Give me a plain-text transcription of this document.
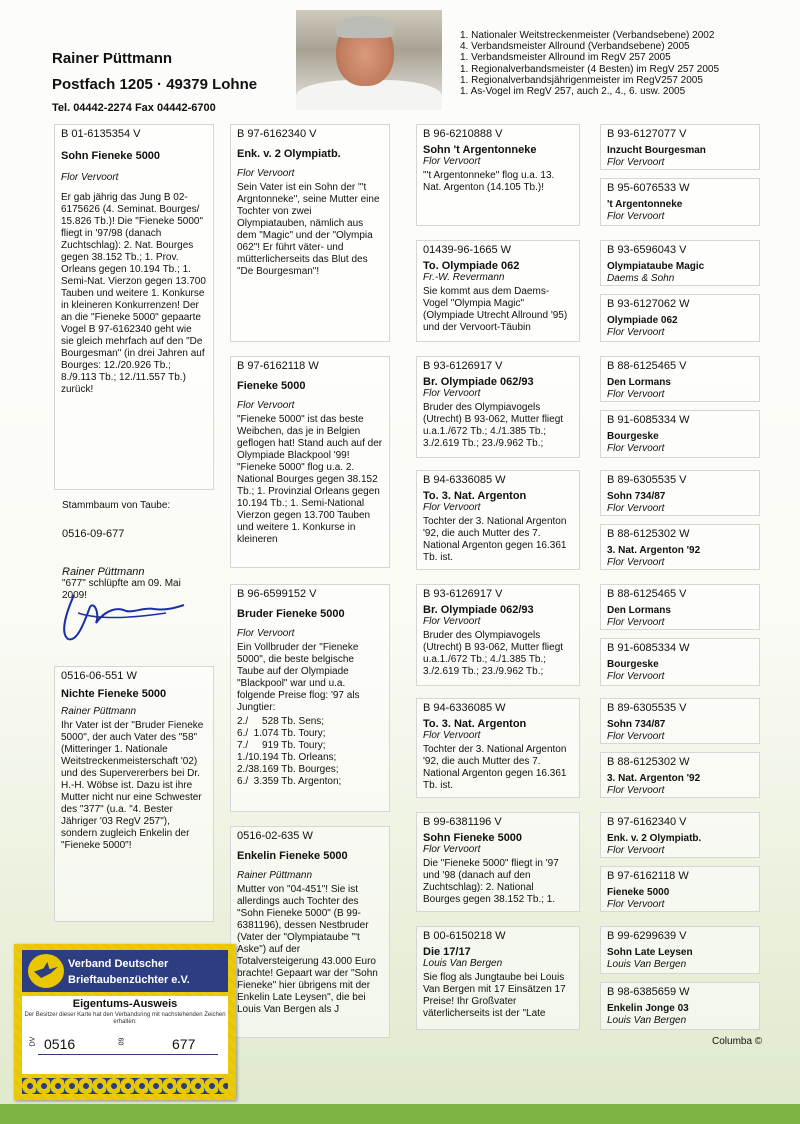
Rainer Püttmann
Postfach 1205 · 49379 Lohne
Tel. 04442-2274 Fax 04442-6700
1. Nationaler Weitstreckenmeister (Verbandsebene) 2002
4. Verbandsmeister Allround (Verbandsebene) 2005
1. Verbandsmeister Allround im RegV 257 2005
1. Regionalverbandsmeister (4 Besten) im RegV 257 2005
1. Regionalverbandsjährigenmeister im RegV257 2005
1. As-Vogel im RegV 257, auch 2., 4., 6. usw. 2005
B 01-6135354 V
Sohn Fieneke 5000
Flor Vervoort
Er gab jährig das Jung B 02-6175626 (4. Seminat. Bourges/ 15.826 Tb.)! Die "Fieneke 5000" fliegt in '97/98 (danach Zuchtschlag): 2. Nat. Bourges gegen 38.152 Tb.; 1. Prov. Orleans gegen 10.194 Tb.; 1. Semi-Nat. Vierzon gegen 13.700 Tauben und weitere 1. Konkurse in kleineren Konkurrenzen! Der an die "Fieneke 5000" gepaarte Vogel B 97-6162340 geht wie sie gleich mehrfach auf den "De Bourgesman" (in drei Jahren auf Bourges: 12./20.926 Tb.; 8./9.113 Tb.; 12./11.557 Tb.) zurück!
0516-06-551 W
Nichte Fieneke 5000
Rainer Püttmann
Ihr Vater ist der "Bruder Fieneke 5000", der auch Vater des "58" (Mitteringer 1. Nationale Weitstreckenmeisterschaft '02) und des Supervererbers bei Dr. H.-H. Wöbse ist. Dazu ist ihre Mutter nicht nur eine Schwester des "377" (u.a. "4. Bester Jähriger '03 RegV 257"), sondern zugleich Enkelin der "Fieneke 5000"!
Stammbaum von Taube:
0516-09-677
Rainer Püttmann
"677" schlüpfte am 09. Mai 2009!
B 97-6162340 V
Enk. v. 2 Olympiatb.
Flor Vervoort
Sein Vater ist ein Sohn der "'t Argntonneke", seine Mutter eine Tochter von zwei Olympiatauben, nämlich aus dem "Magic" und der "Olympia 062"! Er führt väter- und mütterlicherseits das Blut des "De Bourgesman"!
B 97-6162118 W
Fieneke 5000
Flor Vervoort
"Fieneke 5000" ist das beste Weibchen, das je in Belgien geflogen hat! Stand auch auf der Olympiade Blackpool '99! "Fieneke 5000" flog u.a. 2. National Bourges gegen 38.152 Tb.; 1. Provinzial Orleans gegen 10.194 Tb.; 1. Semi-National Vierzon gegen 13.700 Tauben und weitere 1. Konkurse in kleineren
B 96-6599152 V
Bruder Fieneke 5000
Flor Vervoort
Ein Vollbruder der "Fieneke 5000", die beste belgische Taube auf der Olympiade "Blackpool" war und u.a. folgende Preise flog: '97 als Jungtier:
2./     528 Tb. Sens;
6./  1.074 Tb. Toury;
7./     919 Tb. Toury;
1./10.194 Tb. Orleans;
2./38.169 Tb. Bourges;
6./  3.359 Tb. Argenton;
0516-02-635 W
Enkelin Fieneke 5000
Rainer Püttmann
Mutter von "04-451"! Sie ist allerdings auch Tochter des "Sohn Fieneke 5000" (B 99-6381196), dessen Nestbruder (Vater der "Olympiataube "'t Aske") auf der Totalversteigerung 43.000 Euro brachte! Gepaart war der "Sohn Fieneke" hier übrigens mit der Enkelin Late Leysen", die bei Louis Van Bergen als J
B 96-6210888 V
Sohn 't Argentonneke
Flor Vervoort
"'t Argentonneke" flog u.a. 13. Nat. Argenton (14.105 Tb.)!
01439-96-1665 W
To. Olympiade 062
Fr.-W. Revermann
Sie kommt aus dem Daems-Vogel "Olympia Magic" (Olympiade Utrecht Allround '95) und der Vervoort-Täubin
B 93-6126917 V
Br. Olympiade 062/93
Flor Vervoort
Bruder des Olympiavogels (Utrecht) B 93-062, Mutter fliegt u.a.1./672 Tb.; 4./1.385 Tb.; 3./2.619 Tb.; 23./9.962 Tb.;
B 94-6336085 W
To. 3. Nat. Argenton
Flor Vervoort
Tochter der 3. National Argenton '92, die auch Mutter des 7. National Argenton gegen 16.361 Tb. ist.
B 93-6126917 V
Br. Olympiade 062/93
Flor Vervoort
Bruder des Olympiavogels (Utrecht) B 93-062, Mutter fliegt u.a.1./672 Tb.; 4./1.385 Tb.; 3./2.619 Tb.; 23./9.962 Tb.;
B 94-6336085 W
To. 3. Nat. Argenton
Flor Vervoort
Tochter der 3. National Argenton '92, die auch Mutter des 7. National Argenton gegen 16.361 Tb. ist.
B 99-6381196 V
Sohn Fieneke 5000
Flor Vervoort
Die "Fieneke 5000" fliegt in '97 und '98 (danach auf den Zuchtschlag): 2. National Bourges gegen 38.152 Tb.; 1.
B 00-6150218 W
Die 17/17
Louis Van Bergen
Sie flog als Jungtaube bei Louis Van Bergen mit 17 Einsätzen 17 Preise! Ihr Großvater väterlicherseits ist der "Late
B 93-6127077 V
Inzucht Bourgesman
Flor Vervoort
B 95-6076533 W
't Argentonneke
Flor Vervoort
B 93-6596043 V
Olympiataube Magic
Daems & Sohn
B 93-6127062 W
Olympiade 062
Flor Vervoort
B 88-6125465 V
Den Lormans
Flor Vervoort
B 91-6085334 W
Bourgeske
Flor Vervoort
B 89-6305535 V
Sohn 734/87
Flor Vervoort
B 88-6125302 W
3. Nat. Argenton '92
Flor Vervoort
B 88-6125465 V
Den Lormans
Flor Vervoort
B 91-6085334 W
Bourgeske
Flor Vervoort
B 89-6305535 V
Sohn 734/87
Flor Vervoort
B 88-6125302 W
3. Nat. Argenton '92
Flor Vervoort
B 97-6162340 V
Enk. v. 2 Olympiatb.
Flor Vervoort
B 97-6162118 W
Fieneke 5000
Flor Vervoort
B 99-6299639 V
Sohn Late Leysen
Louis Van Bergen
B 98-6385659 W
Enkelin Jonge 03
Louis Van Bergen
Columba ©
Verband Deutscher
Brieftaubenzüchter e.V.
Eigentums-Ausweis
Der Besitzer dieser Karte hat den Verbandsring mit nachstehenden Zeichen erhalten:
DV 0516	09	677
